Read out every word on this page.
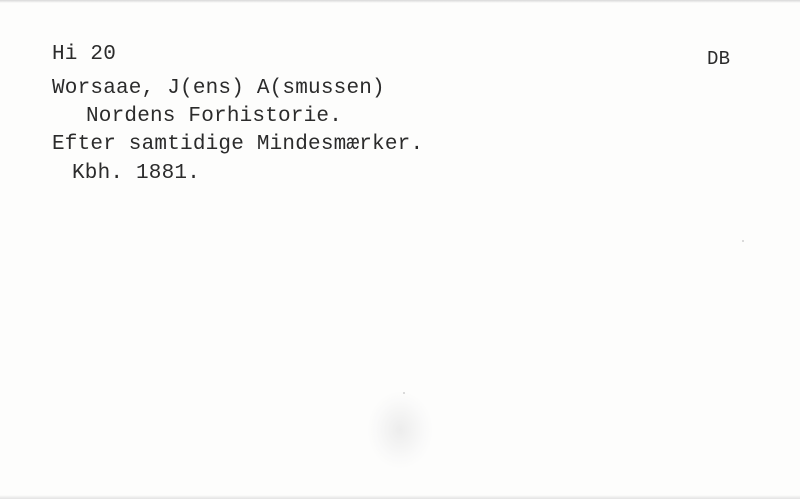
Hi 20	DB
Worsaae, J(ens) A(smussen)
Nordens Forhistorie.
Efter samtidige Mindesmærker.
Kbh. 1881.
